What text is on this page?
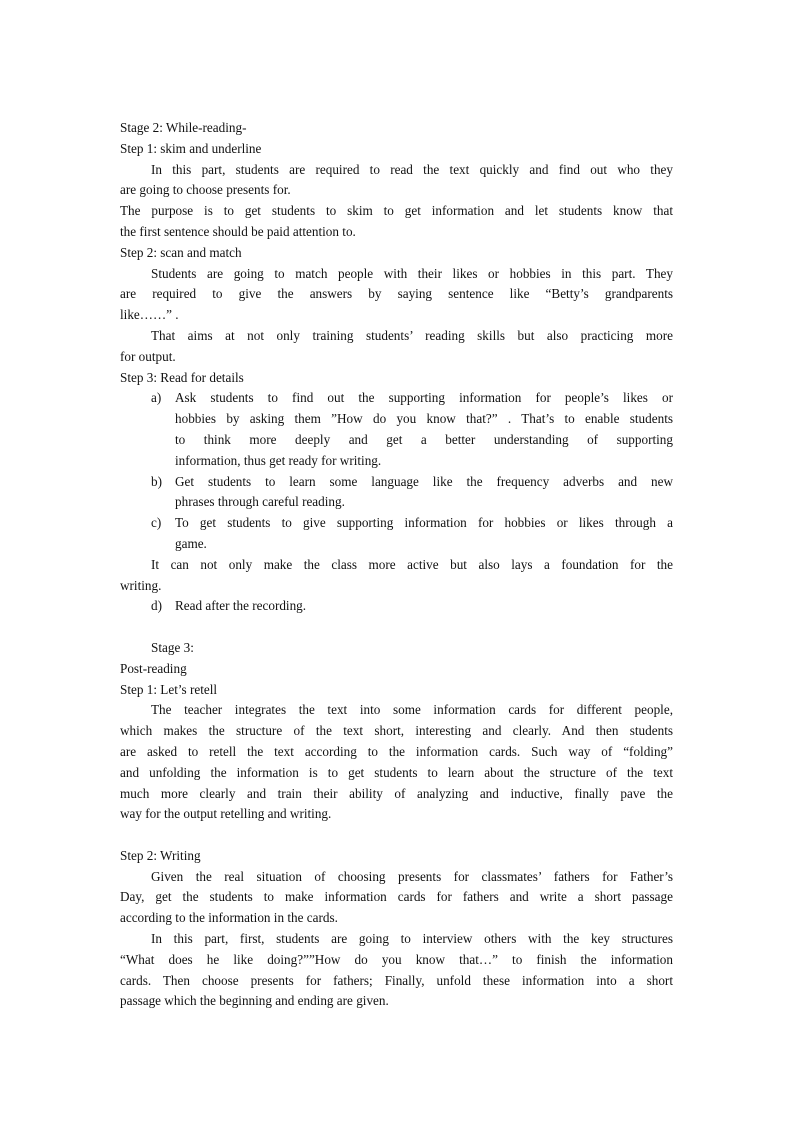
Stage 2: While-reading-

Step 1: skim and underline

In this part, students are required to read the text quickly and find out who they

are going to choose presents for.

The purpose is to get students to skim to get information and let students know that

the first sentence should be paid attention to.

Step 2: scan and match

Students are going to match people with their likes or hobbies in this part. They

are required to give the answers by saying sentence like “Betty’s grandparents

like……” .

That aims at not only training students’ reading skills but also practicing more

for output.

Step 3: Read for details

a)	Ask students to find out the supporting information for people’s likes or
hobbies by asking them ”How do you know that?” . That’s to enable students
to think more deeply and get a better understanding of supporting
information, thus get ready for writing.
b) Get students to learn some language like the frequency adverbs and new
phrases through careful reading.
c)	To get students to give supporting information for hobbies or likes through a
game.

It can not only make the class more active but also lays a foundation for the

writing.

d) Read after the recording.

Stage 3:

Post-reading

Step 1: Let’s retell

The teacher integrates the text into some information cards for different people,

which makes the structure of the text short, interesting and clearly. And then students

are asked to retell the text according to the information cards. Such way of “folding”

and unfolding the information is to get students to learn about the structure of the text

much more clearly and train their ability of analyzing and inductive, finally pave the

way for the output retelling and writing.

Step 2: Writing

Given the real situation of choosing presents for classmates’ fathers for Father’s

Day, get the students to make information cards for fathers and write a short passage

according to the information in the cards.

In this part, first, students are going to interview others with the key structures

“What does he like doing?””How do you know that…” to finish the information

cards. Then choose presents for fathers; Finally, unfold these information into a short

passage which the beginning and ending are given.
